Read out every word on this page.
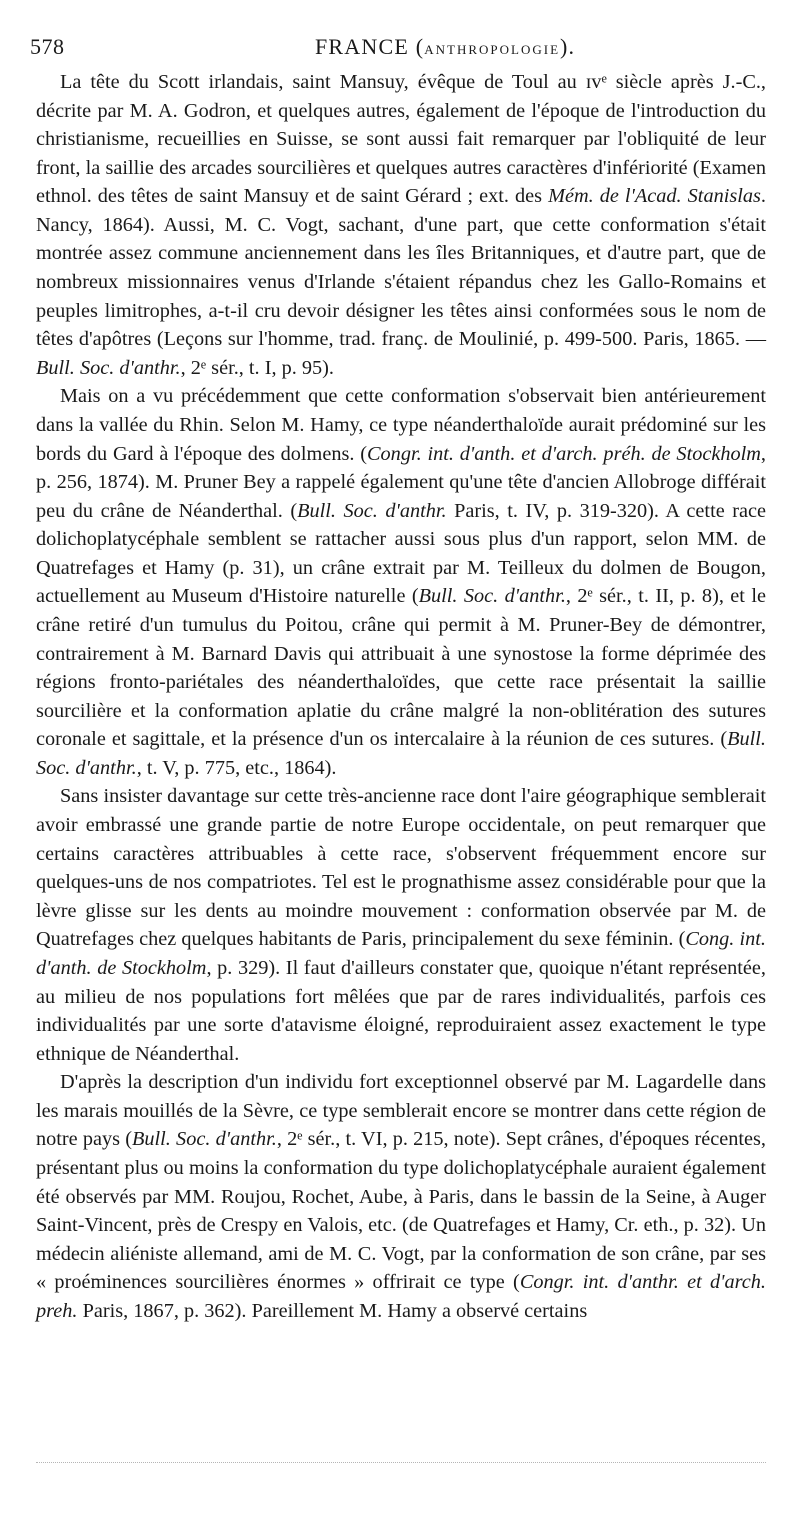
578	FRANCE (ANTHROPOLOGIE).

La tête du Scott irlandais, saint Mansuy, évêque de Toul au ɪvᵉ siècle après J.-C., décrite par M. A. Godron, et quelques autres, également de l'époque de l'introduction du christianisme, recueillies en Suisse, se sont aussi fait remarquer par l'obliquité de leur front, la saillie des arcades sourcilières et quelques autres caractères d'infériorité (Examen ethnol. des têtes de saint Mansuy et de saint Gérard ; ext. des Mém. de l'Acad. Stanislas. Nancy, 1864). Aussi, M. C. Vogt, sachant, d'une part, que cette conformation s'était montrée assez commune anciennement dans les îles Britanniques, et d'autre part, que de nombreux missionnaires venus d'Irlande s'étaient répandus chez les Gallo-Romains et peuples limitrophes, a-t-il cru devoir désigner les têtes ainsi conformées sous le nom de têtes d'apôtres (Leçons sur l'homme, trad. franç. de Moulinié, p. 499-500. Paris, 1865. — Bull. Soc. d'anthr., 2ᵉ sér., t. I, p. 95).

Mais on a vu précédemment que cette conformation s'observait bien antérieurement dans la vallée du Rhin. Selon M. Hamy, ce type néanderthaloïde aurait prédominé sur les bords du Gard à l'époque des dolmens. (Congr. int. d'anth. et d'arch. préh. de Stockholm, p. 256, 1874). M. Pruner Bey a rappelé également qu'une tête d'ancien Allobroge différait peu du crâne de Néanderthal. (Bull. Soc. d'anthr. Paris, t. IV, p. 319-320). A cette race dolichoplatycéphale semblent se rattacher aussi sous plus d'un rapport, selon MM. de Quatrefages et Hamy (p. 31), un crâne extrait par M. Teilleux du dolmen de Bougon, actuellement au Museum d'Histoire naturelle (Bull. Soc. d'anthr., 2ᵉ sér., t. II, p. 8), et le crâne retiré d'un tumulus du Poitou, crâne qui permit à M. Pruner-Bey de démontrer, contrairement à M. Barnard Davis qui attribuait à une synostose la forme déprimée des régions fronto-pariétales des néanderthaloïdes, que cette race présentait la saillie sourcilière et la conformation aplatie du crâne malgré la non-oblitération des sutures coronale et sagittale, et la présence d'un os intercalaire à la réunion de ces sutures. (Bull. Soc. d'anthr., t. V, p. 775, etc., 1864).

Sans insister davantage sur cette très-ancienne race dont l'aire géographique semblerait avoir embrassé une grande partie de notre Europe occidentale, on peut remarquer que certains caractères attribuables à cette race, s'observent fréquemment encore sur quelques-uns de nos compatriotes. Tel est le prognathisme assez considérable pour que la lèvre glisse sur les dents au moindre mouvement : conformation observée par M. de Quatrefages chez quelques habitants de Paris, principalement du sexe féminin. (Cong. int. d'anth. de Stockholm, p. 329). Il faut d'ailleurs constater que, quoique n'étant représentée, au milieu de nos populations fort mêlées que par de rares individualités, parfois ces individualités par une sorte d'atavisme éloigné, reproduiraient assez exactement le type ethnique de Néanderthal.

D'après la description d'un individu fort exceptionnel observé par M. Lagardelle dans les marais mouillés de la Sèvre, ce type semblerait encore se montrer dans cette région de notre pays (Bull. Soc. d'anthr., 2ᵉ sér., t. VI, p. 215, note). Sept crânes, d'époques récentes, présentant plus ou moins la conformation du type dolichoplatycéphale auraient également été observés par MM. Roujou, Rochet, Aube, à Paris, dans le bassin de la Seine, à Auger Saint-Vincent, près de Crespy en Valois, etc. (de Quatrefages et Hamy, Cr. eth., p. 32). Un médecin aliéniste allemand, ami de M. C. Vogt, par la conformation de son crâne, par ses « proéminences sourcilières énormes » offrirait ce type (Congr. int. d'anthr. et d'arch. preh. Paris, 1867, p. 362). Pareillement M. Hamy a observé certains
